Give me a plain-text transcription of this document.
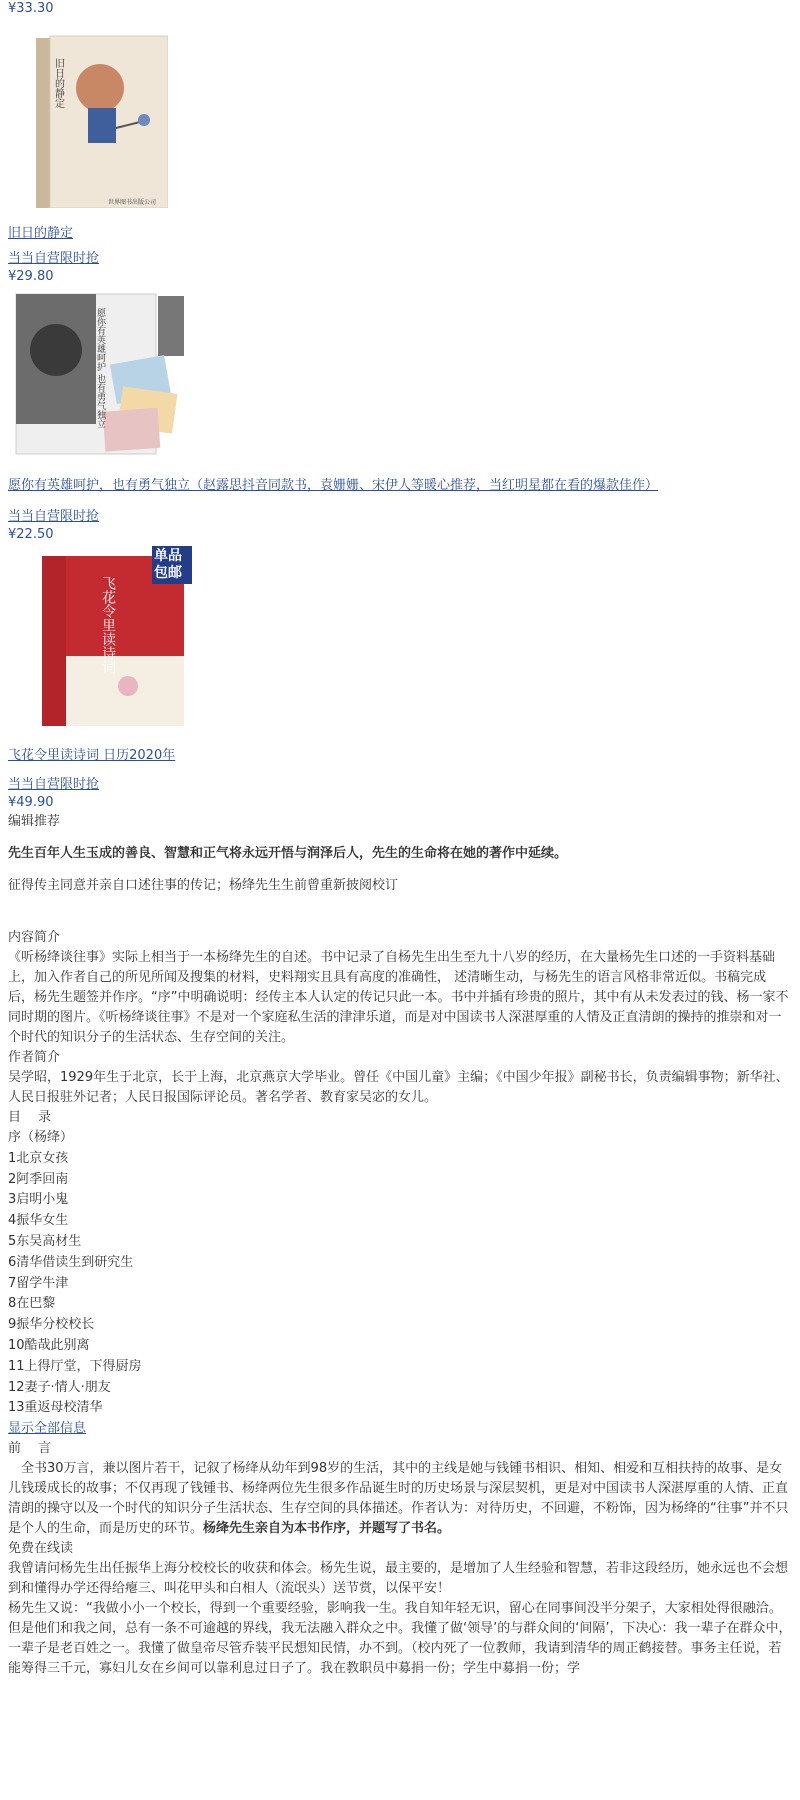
¥33.30
旧日的静定
世界图书出版公司
旧日的静定
当当自营限时抢
¥29.80
愿你有英雄呵护 也有勇气独立
愿你有英雄呵护，也有勇气独立（赵露思抖音同款书，袁姗姗、宋伊人等暖心推荐，当红明星都在看的爆款佳作）
当当自营限时抢
¥22.50
飞花令里读诗词
单品包邮
飞花令里读诗词 日历2020年
当当自营限时抢
¥49.90
编辑推荐

先生百年人生玉成的善良、智慧和正气将永远开悟与润泽后人，先生的生命将在她的著作中延续。

征得传主同意并亲自口述往事的传记；杨绛先生生前曾重新披阅校订

内容简介

《听杨绛谈往事》实际上相当于一本杨绛先生的自述。书中记录了自杨先生出生至九十八岁的经历，在大量杨先生口述的一手资料基础上，加入作者自己的所见所闻及搜集的材料，史料翔实且具有高度的准确性， 述清晰生动，与杨先生的语言风格非常近似。书稿完成后，杨先生题签并作序。“序”中明确说明：经传主本人认定的传记只此一本。书中并插有珍贵的照片，其中有从未发表过的钱、杨一家不同时期的图片。《听杨绛谈往事》不是对一个家庭私生活的津津乐道，而是对中国读书人深湛厚重的人情及正直清朗的操持的推崇和对一个时代的知识分子的生活状态、生存空间的关注。

作者简介

吴学昭，1929年生于北京，长于上海，北京燕京大学毕业。曾任《中国儿童》主编；《中国少年报》副秘书长，负责编辑事物；新华社、人民日报驻外记者；人民日报国际评论员。著名学者、教育家吴宓的女儿。

目　 录
序（杨绛）
1北京女孩
2阿季回南
3启明小鬼
4振华女生
5东吴高材生
6清华借读生到研究生
7留学牛津
8在巴黎
9振华分校校长
10酷哉此别离
11上得厅堂，下得厨房
12妻子·情人·朋友
13重返母校清华
显示全部信息
前　 言

　全书30万言，兼以图片若干，记叙了杨绛从幼年到98岁的生活，其中的主线是她与钱锺书相识、相知、相爱和互相扶持的故事、是女儿钱瑗成长的故事；不仅再现了钱锺书、杨绛两位先生很多作品诞生时的历史场景与深层契机，更是对中国读书人深湛厚重的人情、正直清朗的操守以及一个时代的知识分子生活状态、生存空间的具体描述。作者认为：对待历史，不回避，不粉饰，因为杨绛的“往事”并不只是个人的生命，而是历史的环节。杨绛先生亲自为本书作序，并题写了书名。

免费在线读

我曾请问杨先生出任振华上海分校校长的收获和体会。杨先生说，最主要的，是增加了人生经验和智慧，若非这段经历，她永远也不会想到和懂得办学还得给瘪三、叫花甲头和白相人（流氓头）送节赏，以保平安！

杨先生又说：“我做小小一个校长，得到一个重要经验，影响我一生。我自知年轻无识，留心在同事间没半分架子，大家相处得很融洽。但是他们和我之间，总有一条不可逾越的界线，我无法融入群众之中。我懂了做‘领导’的与群众间的‘间隔’，下决心：我一辈子在群众中，一辈子是老百姓之一。我懂了做皇帝尽管乔装平民想知民情，办不到。（校内死了一位教师，我请到清华的周正鹤接替。事务主任说，若能筹得三千元，寡妇儿女在乡间可以靠利息过日子了。我在教职员中募捐一份；学生中募捐一份；学
